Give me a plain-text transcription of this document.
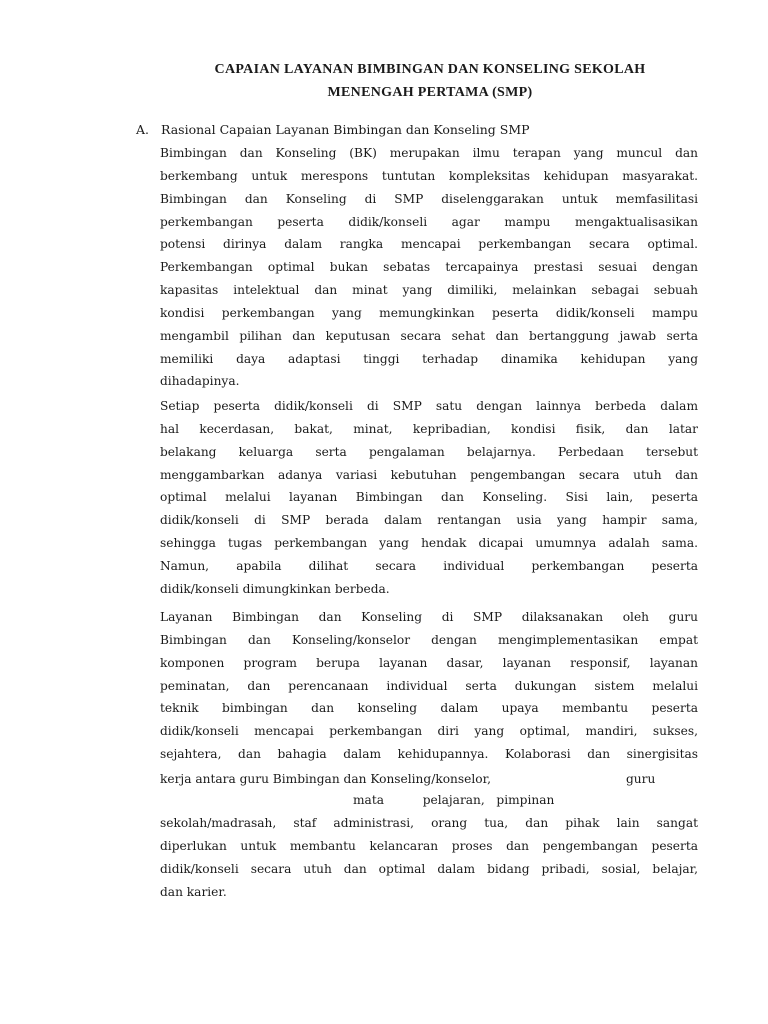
CAPAIAN LAYANAN BIMBINGAN DAN KONSELING SEKOLAH
MENENGAH PERTAMA (SMP)
A. Rasional Capaian Layanan Bimbingan dan Konseling SMP
Bimbingan dan Konseling (BK) merupakan ilmu terapan yang muncul dan
berkembang untuk merespons tuntutan kompleksitas kehidupan masyarakat.
Bimbingan dan Konseling di SMP diselenggarakan untuk memfasilitasi
perkembangan peserta didik/konseli agar mampu mengaktualisasikan
potensi dirinya dalam rangka mencapai perkembangan secara optimal.
Perkembangan optimal bukan sebatas tercapainya prestasi sesuai dengan
kapasitas intelektual dan minat yang dimiliki, melainkan sebagai sebuah
kondisi perkembangan yang memungkinkan peserta didik/konseli mampu
mengambil pilihan dan keputusan secara sehat dan bertanggung jawab serta
memiliki daya adaptasi tinggi terhadap dinamika kehidupan yang
dihadapinya.
Setiap peserta didik/konseli di SMP satu dengan lainnya berbeda dalam
hal kecerdasan, bakat, minat, kepribadian, kondisi fisik, dan latar
belakang keluarga serta pengalaman belajarnya. Perbedaan tersebut
menggambarkan adanya variasi kebutuhan pengembangan secara utuh dan
optimal melalui layanan Bimbingan dan Konseling. Sisi lain, peserta
didik/konseli di SMP berada dalam rentangan usia yang hampir sama,
sehingga tugas perkembangan yang hendak dicapai umumnya adalah sama.
Namun, apabila dilihat secara individual perkembangan peserta
didik/konseli dimungkinkan berbeda.
Layanan Bimbingan dan Konseling di SMP dilaksanakan oleh guru
Bimbingan dan Konseling/konselor dengan mengimplementasikan empat
komponen program berupa layanan dasar, layanan responsif, layanan
peminatan, dan perencanaan individual serta dukungan sistem melalui
teknik bimbingan dan konseling dalam upaya membantu peserta
didik/konseli mencapai perkembangan diri yang optimal, mandiri, sukses,
sejahtera, dan bahagia dalam kehidupannya. Kolaborasi dan sinergisitas
kerja antara guru Bimbingan dan Konseling/konselor,	guru

mata          pelajaran,   pimpinan

sekolah/madrasah, staf administrasi, orang tua, dan pihak lain sangat
diperlukan untuk membantu kelancaran proses dan pengembangan peserta
didik/konseli secara utuh dan optimal dalam bidang pribadi, sosial, belajar,
dan karier.
